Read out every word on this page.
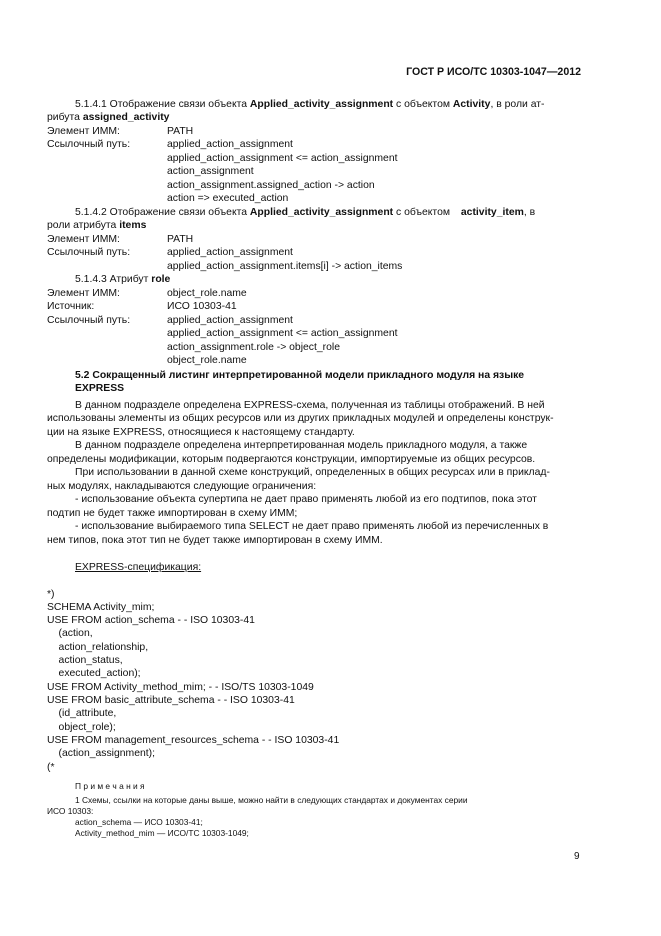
ГОСТ Р ИСО/ТС 10303-1047—2012
5.1.4.1 Отображение связи объекта Applied_activity_assignment с объектом Activity, в роли ат-
рибута assigned_activity
Элемент ИММ:	PATH
Ссылочный путь:	applied_action_assignment
applied_action_assignment <= action_assignment
action_assignment
action_assignment.assigned_action -> action
action => executed_action
5.1.4.2 Отображение связи объекта Applied_activity_assignment с объектом activity_item, в
роли атрибута items
Элемент ИММ:	PATH
Ссылочный путь:	applied_action_assignment
applied_action_assignment.items[i] -> action_items
5.1.4.3 Атрибут role
Элемент ИММ:	object_role.name
Источник:	ИСО 10303-41
Ссылочный путь:	applied_action_assignment
applied_action_assignment <= action_assignment
action_assignment.role -> object_role
object_role.name
5.2 Сокращенный листинг интерпретированной модели прикладного модуля на языке
EXPRESS
В данном подразделе определена EXPRESS-схема, полученная из таблицы отображений. В ней
использованы элементы из общих ресурсов или из других прикладных модулей и определены конструк-
ции на языке EXPRESS, относящиеся к настоящему стандарту.
В данном подразделе определена интерпретированная модель прикладного модуля, а также
определены модификации, которым подвергаются конструкции, импортируемые из общих ресурсов.
При использовании в данной схеме конструкций, определенных в общих ресурсах или в приклад-
ных модулях, накладываются следующие ограничения:
- использование объекта супертипа не дает право применять любой из его подтипов, пока этот
подтип не будет также импортирован в схему ИММ;
- использование выбираемого типа SELECT не дает право применять любой из перечисленных в
нем типов, пока этот тип не будет также импортирован в схему ИММ.
EXPRESS-спецификация:
*)
SCHEMA Activity_mim;
USE FROM action_schema - - ISO 10303-41
(action,
action_relationship,
action_status,
executed_action);
USE FROM Activity_method_mim; - - ISO/TS 10303-1049
USE FROM basic_attribute_schema - - ISO 10303-41
(id_attribute,
object_role);
USE FROM management_resources_schema - - ISO 10303-41
(action_assignment);
(*
П р и м е ч а н и я
1 Схемы, ссылки на которые даны выше, можно найти в следующих стандартах и документах серии
ИСО 10303:
action_schema — ИСО 10303-41;
Activity_method_mim — ИСО/ТС 10303-1049;
9
